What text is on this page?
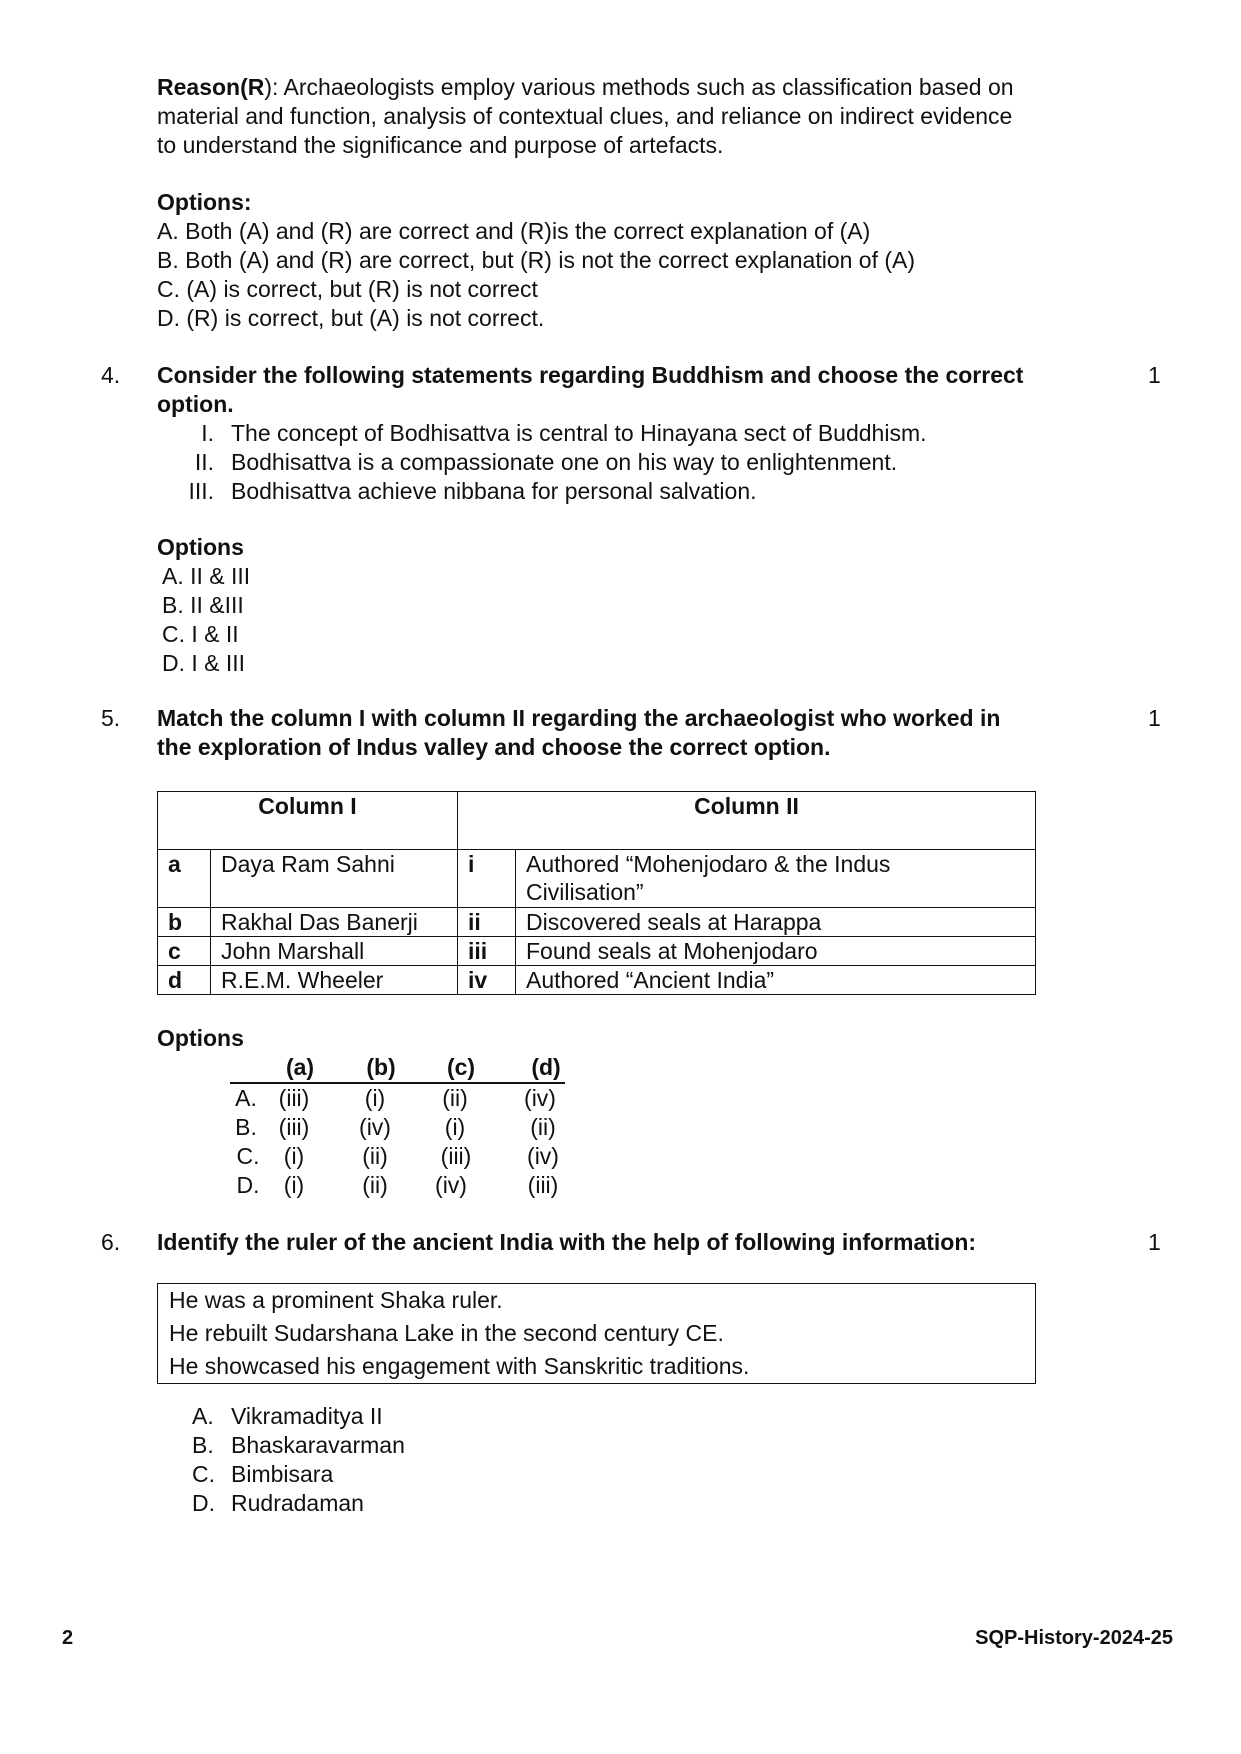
Reason(R): Archaeologists employ various methods such as classification based on

material and function, analysis of contextual clues, and reliance on indirect evidence

to understand the significance and purpose of artefacts.

Options:
A. Both (A) and (R) are correct and (R)is the correct explanation of (A)
B. Both (A) and (R) are correct, but (R) is not the correct explanation of (A)
C. (A) is correct, but (R) is not correct
D. (R) is correct, but (A) is not correct.
4.	1
Consider the following statements regarding Buddhism and choose the correct
option.
I. The concept of Bodhisattva is central to Hinayana sect of Buddhism.
II. Bodhisattva is a compassionate one on his way to enlightenment.
III. Bodhisattva achieve nibbana for personal salvation.
Options
A. II & III
B. II &III
C. I & II
D. I & III
5.	1
Match the column I with column II regarding the archaeologist who worked in
the exploration of Indus valley and choose the correct option.
Column I		Column II	
a	Daya Ram Sahni	i	Authored “Mohenjodaro & the Indus
Civilisation”

b	Rakhal Das Banerji	ii	Discovered seals at Harappa
c	John Marshall	iii	Found seals at Mohenjodaro
d	R.E.M. Wheeler	iv	Authored “Ancient India”
Options
(a)	(b)	(c)	(d)
A. (iii)	(i)	(ii)	(iv)
B. (iii)	(iv)	(i)	(ii)
C.	(i)	(ii)	(iii)	(iv)
D.	(i)	(ii)	(iv)	(iii)
6.	1
Identify the ruler of the ancient India with the help of following information:
He was a prominent Shaka ruler.
He rebuilt Sudarshana Lake in the second century CE.
He showcased his engagement with Sanskritic traditions.
A. Vikramaditya II
B. Bhaskaravarman
C. Bimbisara
D. Rudradaman
2	SQP-History-2024-25
